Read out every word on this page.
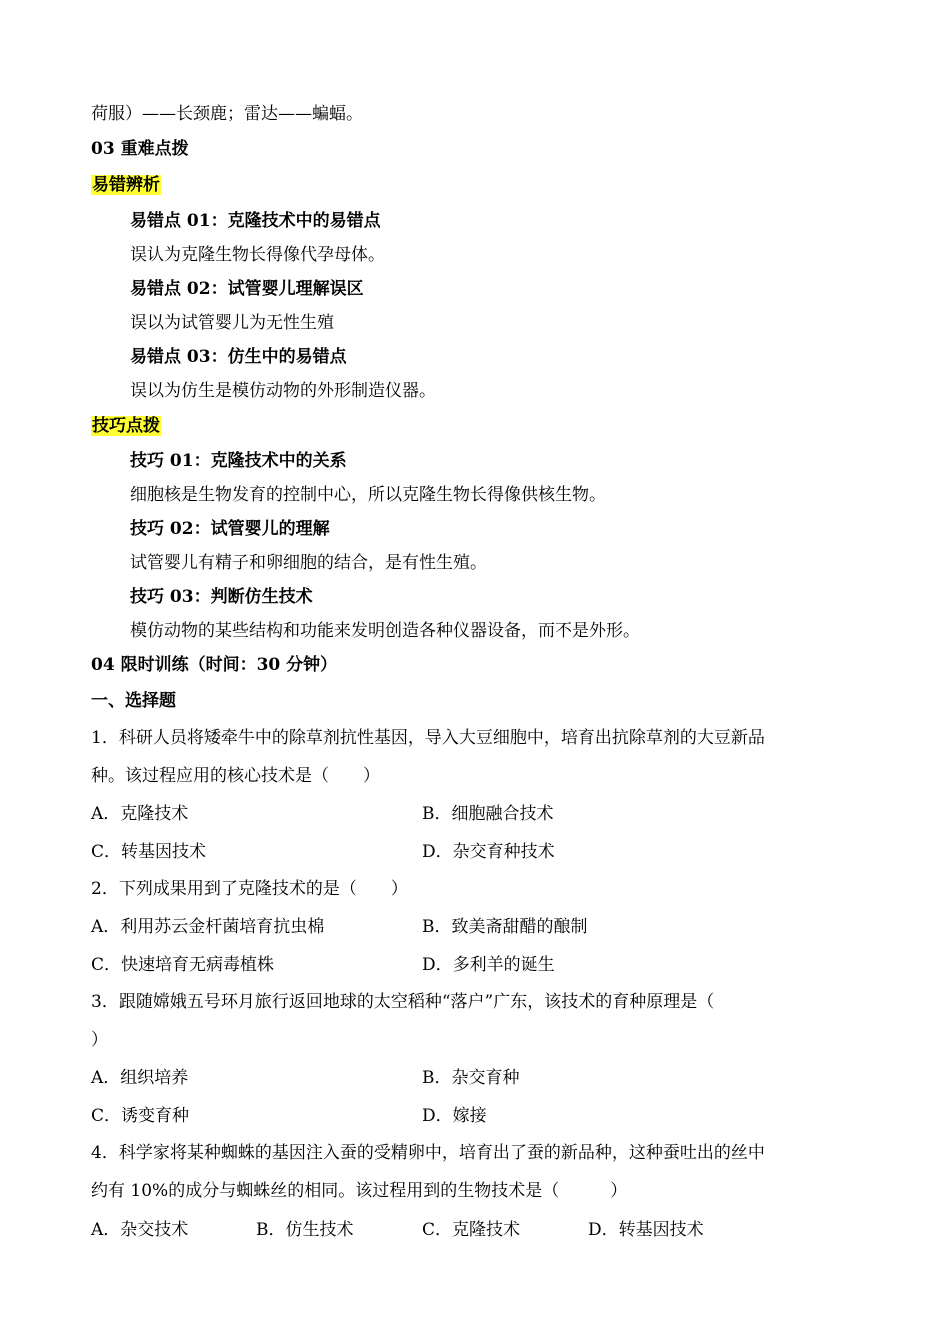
荷服）——长颈鹿；雷达——蝙蝠。
03 重难点拨
易错辨析
易错点 01：克隆技术中的易错点
误认为克隆生物长得像代孕母体。
易错点 02：试管婴儿理解误区
误以为试管婴儿为无性生殖
易错点 03：仿生中的易错点
误以为仿生是模仿动物的外形制造仪器。
技巧点拨
技巧 01：克隆技术中的关系
细胞核是生物发育的控制中心，所以克隆生物长得像供核生物。
技巧 02：试管婴儿的理解
试管婴儿有精子和卵细胞的结合，是有性生殖。
技巧 03：判断仿生技术
模仿动物的某些结构和功能来发明创造各种仪器设备，而不是外形。
04 限时训练（时间：30 分钟）
一、选择题
1．科研人员将矮牵牛中的除草剂抗性基因，导入大豆细胞中，培育出抗除草剂的大豆新品
种。该过程应用的核心技术是（　　）
A．克隆技术	B．细胞融合技术
C．转基因技术	D．杂交育种技术
2．下列成果用到了克隆技术的是（　　）
A．利用苏云金杆菌培育抗虫棉	B．致美斋甜醋的酿制
C．快速培育无病毒植株	D．多利羊的诞生
3．跟随嫦娥五号环月旅行返回地球的太空稻种“落户”广东，该技术的育种原理是（
）
A．组织培养	B．杂交育种
C．诱变育种	D．嫁接
4．科学家将某种蜘蛛的基因注入蚕的受精卵中，培育出了蚕的新品种，这种蚕吐出的丝中
约有 10%的成分与蜘蛛丝的相同。该过程用到的生物技术是（　　　）
A．杂交技术	B．仿生技术	C．克隆技术	D．转基因技术
